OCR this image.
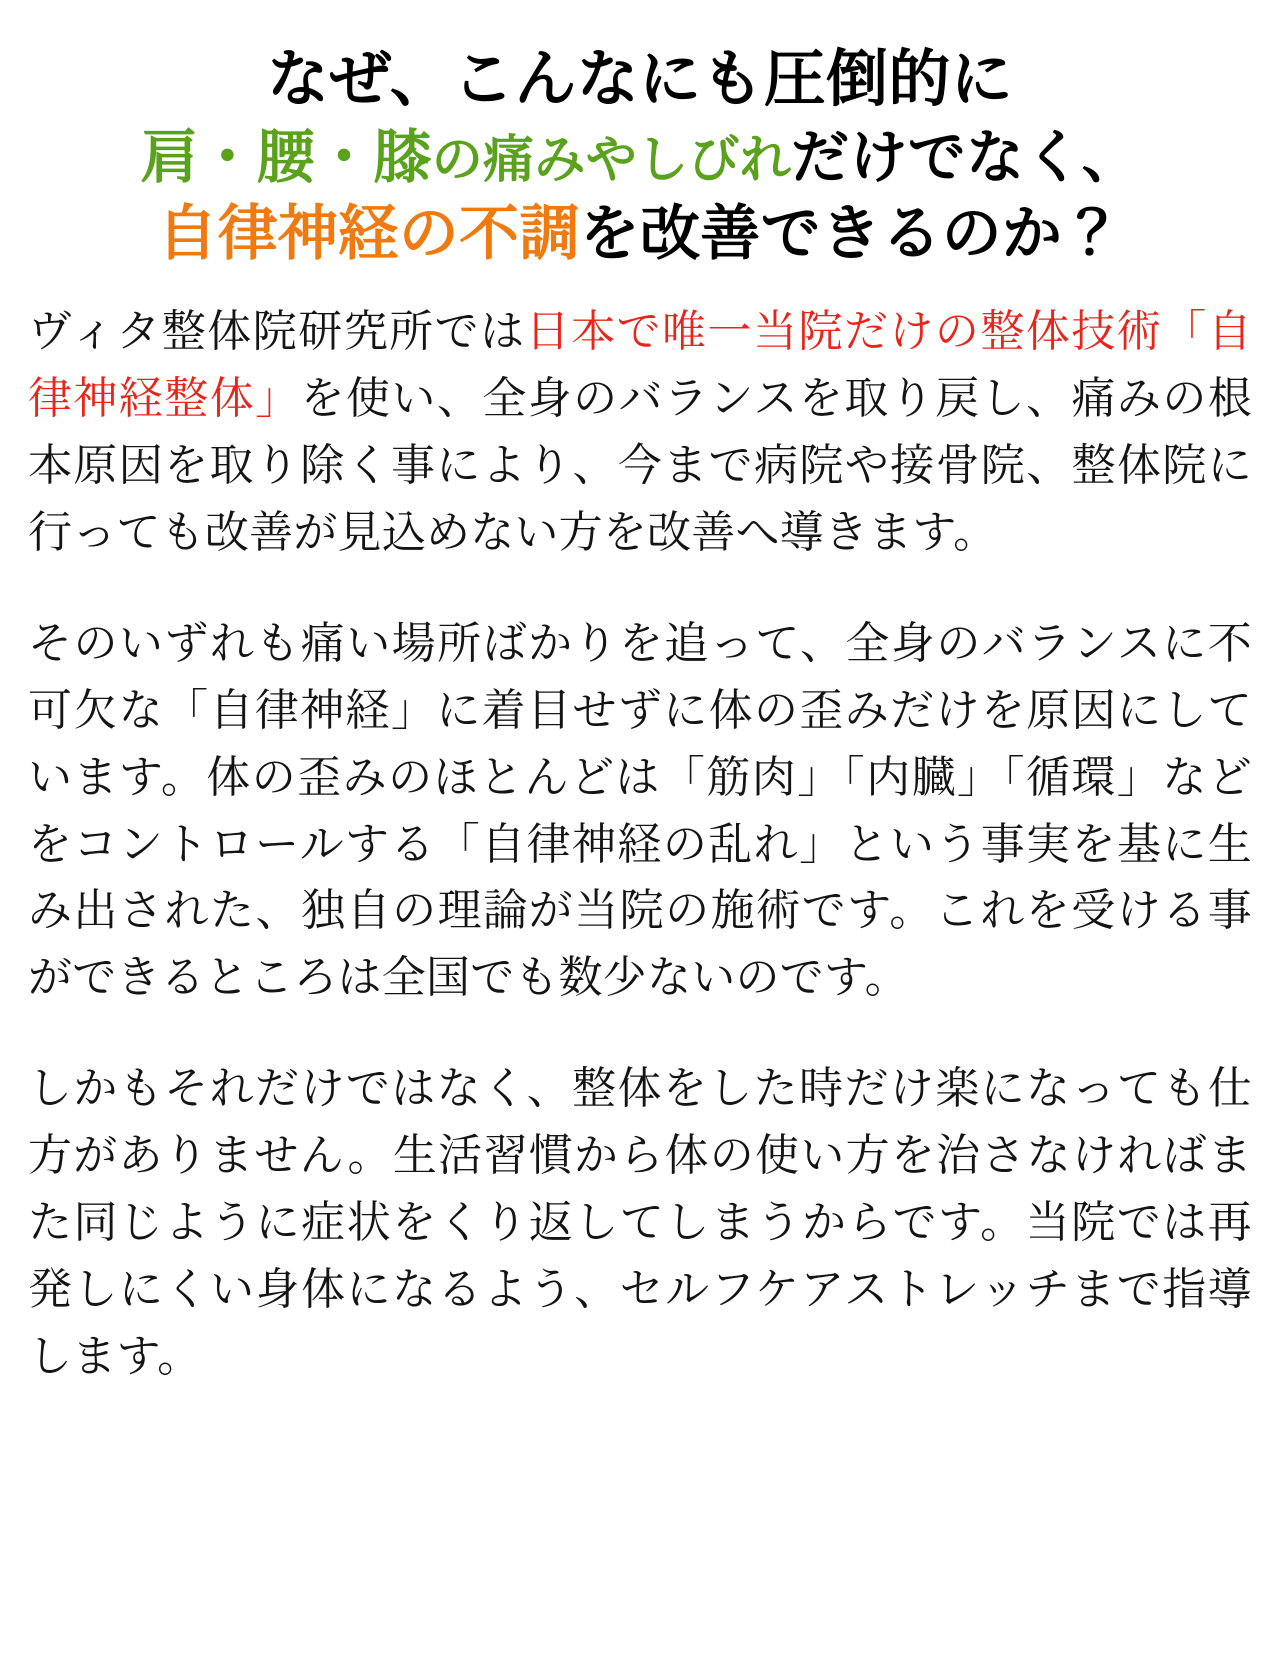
なぜ、こんなにも圧倒的に
肩・腰・膝の痛みやしびれだけでなく、
自律神経の不調を改善できるのか？

ヴィタ整体院研究所では日本で唯一当院だけの整体技術「自律神経整体」を使い、全身のバランスを取り戻し、痛みの根本原因を取り除く事により、今まで病院や接骨院、整体院に行っても改善が見込めない方を改善へ導きます。

そのいずれも痛い場所ばかりを追って、全身のバランスに不可欠な「自律神経」に着目せずに体の歪みだけを原因にしています。体の歪みのほとんどは「筋肉」「内臓」「循環」などをコントロールする「自律神経の乱れ」という事実を基に生み出された、独自の理論が当院の施術です。これを受ける事ができるところは全国でも数少ないのです。

しかもそれだけではなく、整体をした時だけ楽になっても仕方がありません。生活習慣から体の使い方を治さなければまた同じように症状をくり返してしまうからです。当院では再発しにくい身体になるよう、セルフケアストレッチまで指導します。
